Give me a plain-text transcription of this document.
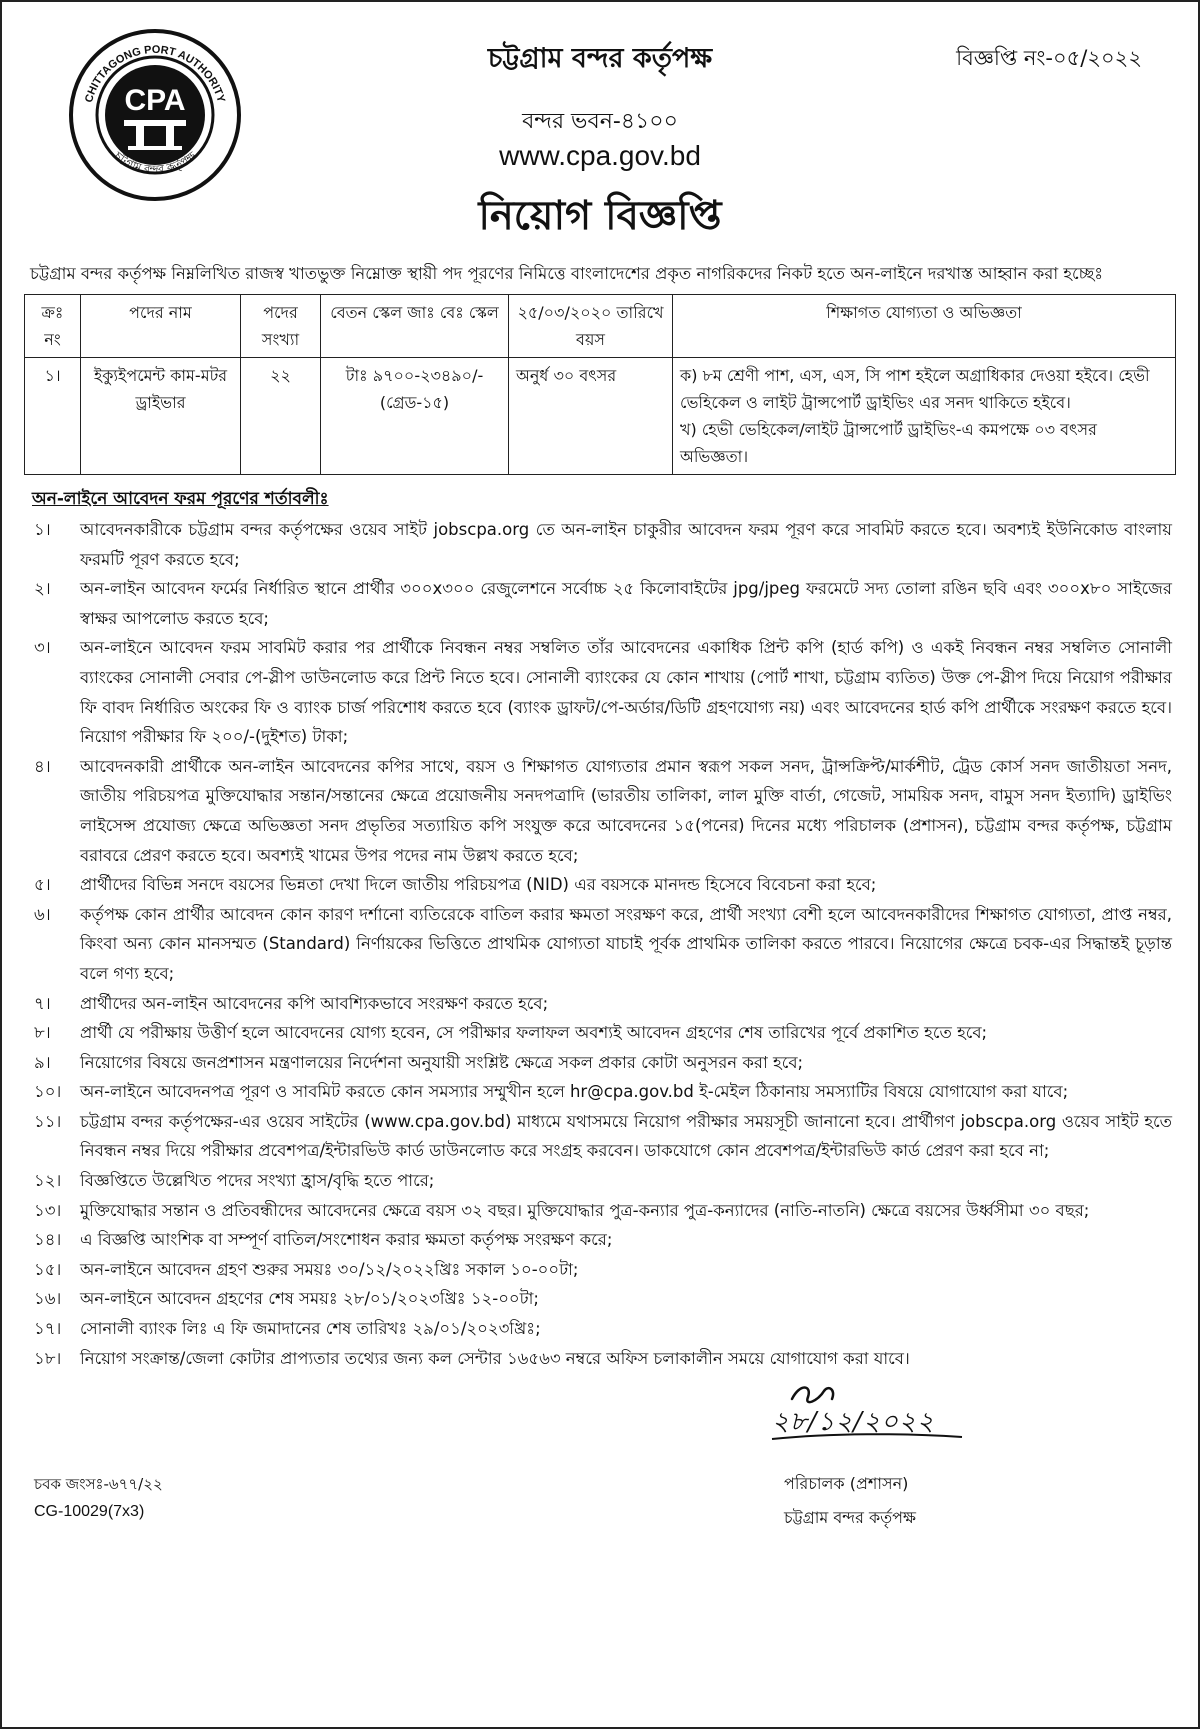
CPA
CHITTAGONG PORT AUTHORITY
চট্টগ্রাম বন্দর কর্তৃপক্ষ
চট্টগ্রাম বন্দর কর্তৃপক্ষ	বিজ্ঞপ্তি নং-০৫/২০২২
বন্দর ভবন-৪১০০
www.cpa.gov.bd
নিয়োগ বিজ্ঞপ্তি
চট্টগ্রাম বন্দর কর্তৃপক্ষ নিম্নলিখিত রাজস্ব খাতভুক্ত নিম্নোক্ত স্থায়ী পদ পূরণের নিমিত্তে বাংলাদেশের প্রকৃত নাগরিকদের নিকট হতে অন-লাইনে দরখাস্ত আহ্বান করা হচ্ছেঃ
ক্রঃ নং	পদের নাম	পদের সংখ্যা	বেতন স্কেল জাঃ বেঃ স্কেল	২৫/০৩/২০২০ তারিখে বয়স	শিক্ষাগত যোগ্যতা ও অভিজ্ঞতা
১।	ইক্যুইপমেন্ট কাম-মটর ড্রাইভার	২২	টাঃ ৯৭০০-২৩৪৯০/- (গ্রেড-১৫)	অনুর্ধ ৩০ বৎসর	ক) ৮ম শ্রেণী পাশ, এস, এস, সি পাশ হইলে অগ্রাধিকার দেওয়া হইবে। হেভী ভেহিকেল ও লাইট ট্রান্সপোর্ট ড্রাইভিং এর সনদ থাকিতে হইবে।
খ) হেভী ভেহিকেল/লাইট ট্রান্সপোর্ট ড্রাইভিং-এ কমপক্ষে ০৩ বৎসর অভিজ্ঞতা।
অন-লাইনে আবেদন ফরম পূরণের শর্তাবলীঃ
১।	আবেদনকারীকে চট্টগ্রাম বন্দর কর্তৃপক্ষের ওয়েব সাইট jobscpa.org তে অন-লাইন চাকুরীর আবেদন ফরম পূরণ করে সাবমিট করতে হবে। অবশ্যই ইউনিকোড বাংলায় ফরমটি পূরণ করতে হবে;
২।	অন-লাইন আবেদন ফর্মের নির্ধারিত স্থানে প্রার্থীর ৩০০x৩০০ রেজুলেশনে সর্বোচ্চ ২৫ কিলোবাইটের jpg/jpeg ফরমেটে সদ্য তোলা রঙিন ছবি এবং ৩০০x৮০ সাইজের স্বাক্ষর আপলোড করতে হবে;
৩।	অন-লাইনে আবেদন ফরম সাবমিট করার পর প্রার্থীকে নিবন্ধন নম্বর সম্বলিত তাঁর আবেদনের একাধিক প্রিন্ট কপি (হার্ড কপি) ও একই নিবন্ধন নম্বর সম্বলিত সোনালী ব্যাংকের সোনালী সেবার পে-স্লীপ ডাউনলোড করে প্রিন্ট নিতে হবে। সোনালী ব্যাংকের যে কোন শাখায় (পোর্ট শাখা, চট্টগ্রাম ব্যতিত) উক্ত পে-স্লীপ দিয়ে নিয়োগ পরীক্ষার ফি বাবদ নির্ধারিত অংকের ফি ও ব্যাংক চার্জ পরিশোধ করতে হবে (ব্যাংক ড্রাফট/পে-অর্ডার/ডিটি গ্রহণযোগ্য নয়) এবং আবেদনের হার্ড কপি প্রার্থীকে সংরক্ষণ করতে হবে। নিয়োগ পরীক্ষার ফি ২০০/-(দুইশত) টাকা;
৪।	আবেদনকারী প্রার্থীকে অন-লাইন আবেদনের কপির সাথে, বয়স ও শিক্ষাগত যোগ্যতার প্রমান স্বরূপ সকল সনদ, ট্রান্সক্রিপ্ট/মার্কশীট, ট্রেড কোর্স সনদ জাতীয়তা সনদ, জাতীয় পরিচয়পত্র মুক্তিযোদ্ধার সন্তান/সন্তানের ক্ষেত্রে প্রয়োজনীয় সনদপত্রাদি (ভারতীয় তালিকা, লাল মুক্তি বার্তা, গেজেট, সাময়িক সনদ, বামুস সনদ ইত্যাদি) ড্রাইভিং লাইসেন্স প্রযোজ্য ক্ষেত্রে অভিজ্ঞতা সনদ প্রভৃতির সত্যায়িত কপি সংযুক্ত করে আবেদনের ১৫(পনের) দিনের মধ্যে পরিচালক (প্রশাসন), চট্টগ্রাম বন্দর কর্তৃপক্ষ, চট্টগ্রাম বরাবরে প্রেরণ করতে হবে। অবশ্যই খামের উপর পদের নাম উল্লখ করতে হবে;
৫।	প্রার্থীদের বিভিন্ন সনদে বয়সের ভিন্নতা দেখা দিলে জাতীয় পরিচয়পত্র (NID) এর বয়সকে মানদন্ড হিসেবে বিবেচনা করা হবে;
৬।	কর্তৃপক্ষ কোন প্রার্থীর আবেদন কোন কারণ দর্শানো ব্যতিরেকে বাতিল করার ক্ষমতা সংরক্ষণ করে, প্রার্থী সংখ্যা বেশী হলে আবেদনকারীদের শিক্ষাগত যোগ্যতা, প্রাপ্ত নম্বর, কিংবা অন্য কোন মানসম্মত (Standard) নির্ণায়কের ভিত্তিতে প্রাথমিক যোগ্যতা যাচাই পূর্বক প্রাথমিক তালিকা করতে পারবে। নিয়োগের ক্ষেত্রে চবক-এর সিদ্ধান্তই চূড়ান্ত বলে গণ্য হবে;
৭।	প্রার্থীদের অন-লাইন আবেদনের কপি আবশ্যিকভাবে সংরক্ষণ করতে হবে;
৮।	প্রার্থী যে পরীক্ষায় উত্তীর্ণ হলে আবেদনের যোগ্য হবেন, সে পরীক্ষার ফলাফল অবশ্যই আবেদন গ্রহণের শেষ তারিখের পূর্বে প্রকাশিত হতে হবে;
৯।	নিয়োগের বিষয়ে জনপ্রশাসন মন্ত্রণালয়ের নির্দেশনা অনুযায়ী সংশ্লিষ্ট ক্ষেত্রে সকল প্রকার কোটা অনুসরন করা হবে;
১০।	অন-লাইনে আবেদনপত্র পূরণ ও সাবমিট করতে কোন সমস্যার সম্মুখীন হলে hr@cpa.gov.bd ই-মেইল ঠিকানায় সমস্যাটির বিষয়ে যোগাযোগ করা যাবে;
১১।	চট্টগ্রাম বন্দর কর্তৃপক্ষের-এর ওয়েব সাইটের (www.cpa.gov.bd) মাধ্যমে যথাসময়ে নিয়োগ পরীক্ষার সময়সূচী জানানো হবে। প্রার্থীগণ jobscpa.org ওয়েব সাইট হতে নিবন্ধন নম্বর দিয়ে পরীক্ষার প্রবেশপত্র/ইন্টারভিউ কার্ড ডাউনলোড করে সংগ্রহ করবেন। ডাকযোগে কোন প্রবেশপত্র/ইন্টারভিউ কার্ড প্রেরণ করা হবে না;
১২।	বিজ্ঞপ্তিতে উল্লেখিত পদের সংখ্যা হ্রাস/বৃদ্ধি হতে পারে;
১৩।	মুক্তিযোদ্ধার সন্তান ও প্রতিবন্ধীদের আবেদনের ক্ষেত্রে বয়স ৩২ বছর। মুক্তিযোদ্ধার পুত্র-কন্যার পুত্র-কন্যাদের (নাতি-নাতনি) ক্ষেত্রে বয়সের উর্ধ্বসীমা ৩০ বছর;
১৪।	এ বিজ্ঞপ্তি আংশিক বা সম্পূর্ণ বাতিল/সংশোধন করার ক্ষমতা কর্তৃপক্ষ সংরক্ষণ করে;
১৫।	অন-লাইনে আবেদন গ্রহণ শুরুর সময়ঃ ৩০/১২/২০২২খ্রিঃ সকাল ১০-০০টা;
১৬।	অন-লাইনে আবেদন গ্রহণের শেষ সময়ঃ ২৮/০১/২০২৩খ্রিঃ ১২-০০টা;
১৭।	সোনালী ব্যাংক লিঃ এ ফি জমাদানের শেষ তারিখঃ ২৯/০১/২০২৩খ্রিঃ;
১৮।	নিয়োগ সংক্রান্ত/জেলা কোটার প্রাপ্যতার তথ্যের জন্য কল সেন্টার ১৬৫৬৩ নম্বরে অফিস চলাকালীন সময়ে যোগাযোগ করা যাবে।
২৮/১২/২০২২
চবক জংসঃ-৬৭৭/২২	পরিচালক (প্রশাসন)
CG-10029(7x3)	চট্টগ্রাম বন্দর কর্তৃপক্ষ
